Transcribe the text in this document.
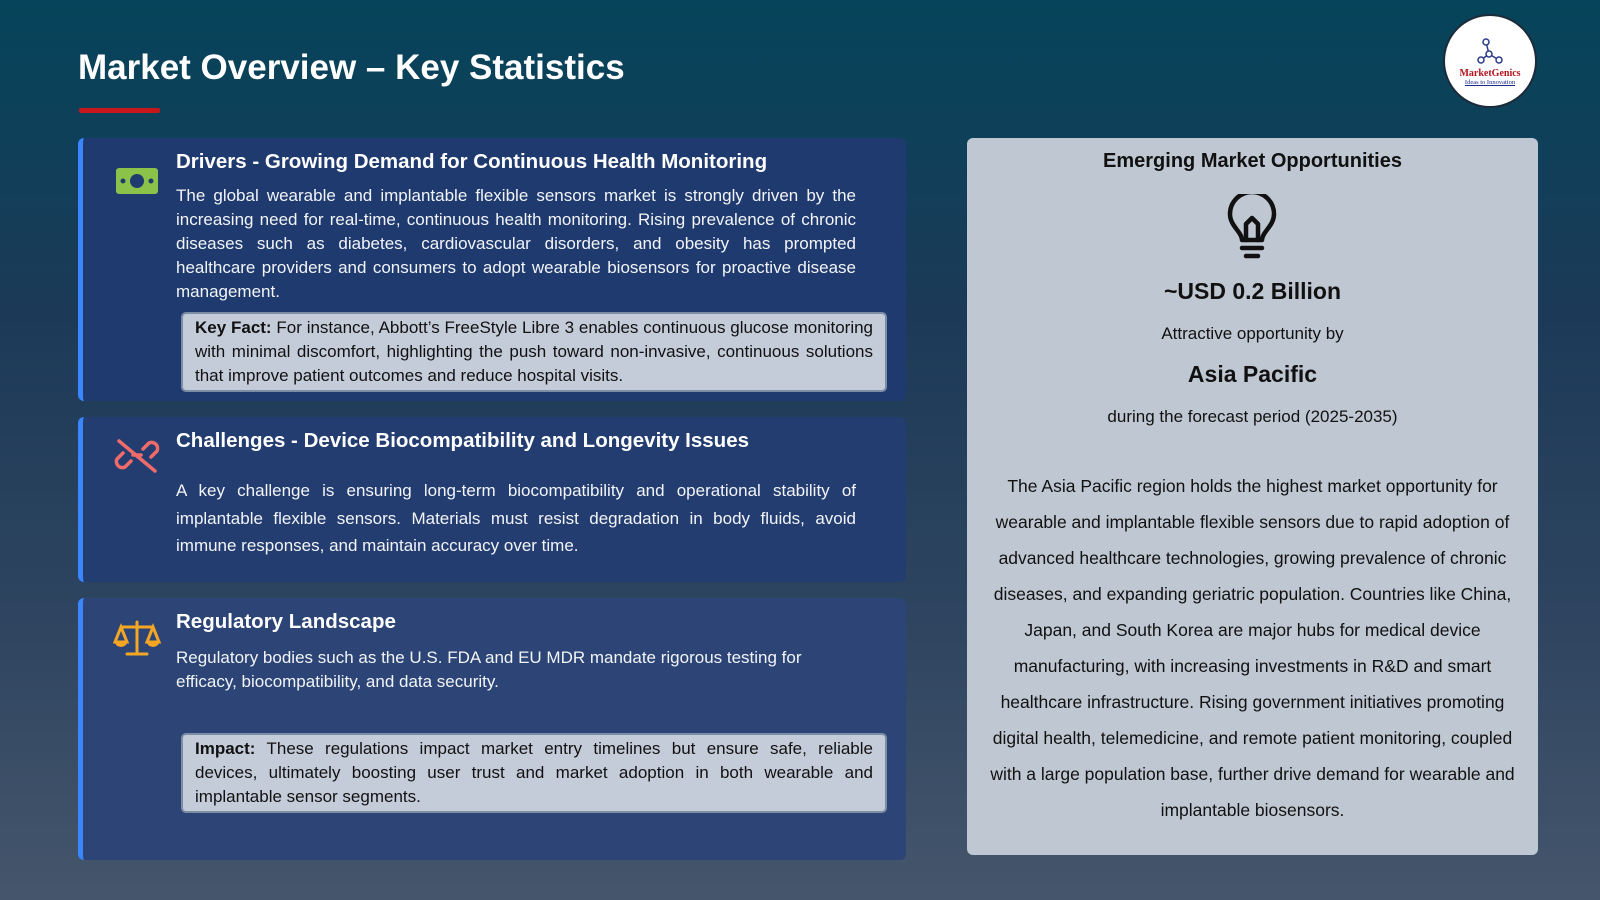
Market Overview – Key Statistics	MarketGenics
Ideas to Innovation
Drivers - Growing Demand for Continuous Health Monitoring
The global wearable and implantable flexible sensors market is strongly driven by the increasing need for real-time, continuous health monitoring. Rising prevalence of chronic diseases such as diabetes, cardiovascular disorders, and obesity has prompted healthcare providers and consumers to adopt wearable biosensors for proactive disease management.
Key Fact: For instance, Abbott’s FreeStyle Libre 3 enables continuous glucose monitoring with minimal discomfort, highlighting the push toward non-invasive, continuous solutions that improve patient outcomes and reduce hospital visits.
Challenges - Device Biocompatibility and Longevity Issues
A key challenge is ensuring long-term biocompatibility and operational stability of implantable flexible sensors. Materials must resist degradation in body fluids, avoid immune responses, and maintain accuracy over time.
Regulatory Landscape
Regulatory bodies such as the U.S. FDA and EU MDR mandate rigorous testing for efficacy, biocompatibility, and data security.
Impact: These regulations impact market entry timelines but ensure safe, reliable devices, ultimately boosting user trust and market adoption in both wearable and implantable sensor segments.
Emerging Market Opportunities
~USD 0.2 Billion
Attractive opportunity by
Asia Pacific
during the forecast period (2025-2035)
The Asia Pacific region holds the highest market opportunity for wearable and implantable flexible sensors due to rapid adoption of advanced healthcare technologies, growing prevalence of chronic diseases, and expanding geriatric population. Countries like China, Japan, and South Korea are major hubs for medical device manufacturing, with increasing investments in R&D and smart healthcare infrastructure. Rising government initiatives promoting digital health, telemedicine, and remote patient monitoring, coupled with a large population base, further drive demand for wearable and implantable biosensors.
